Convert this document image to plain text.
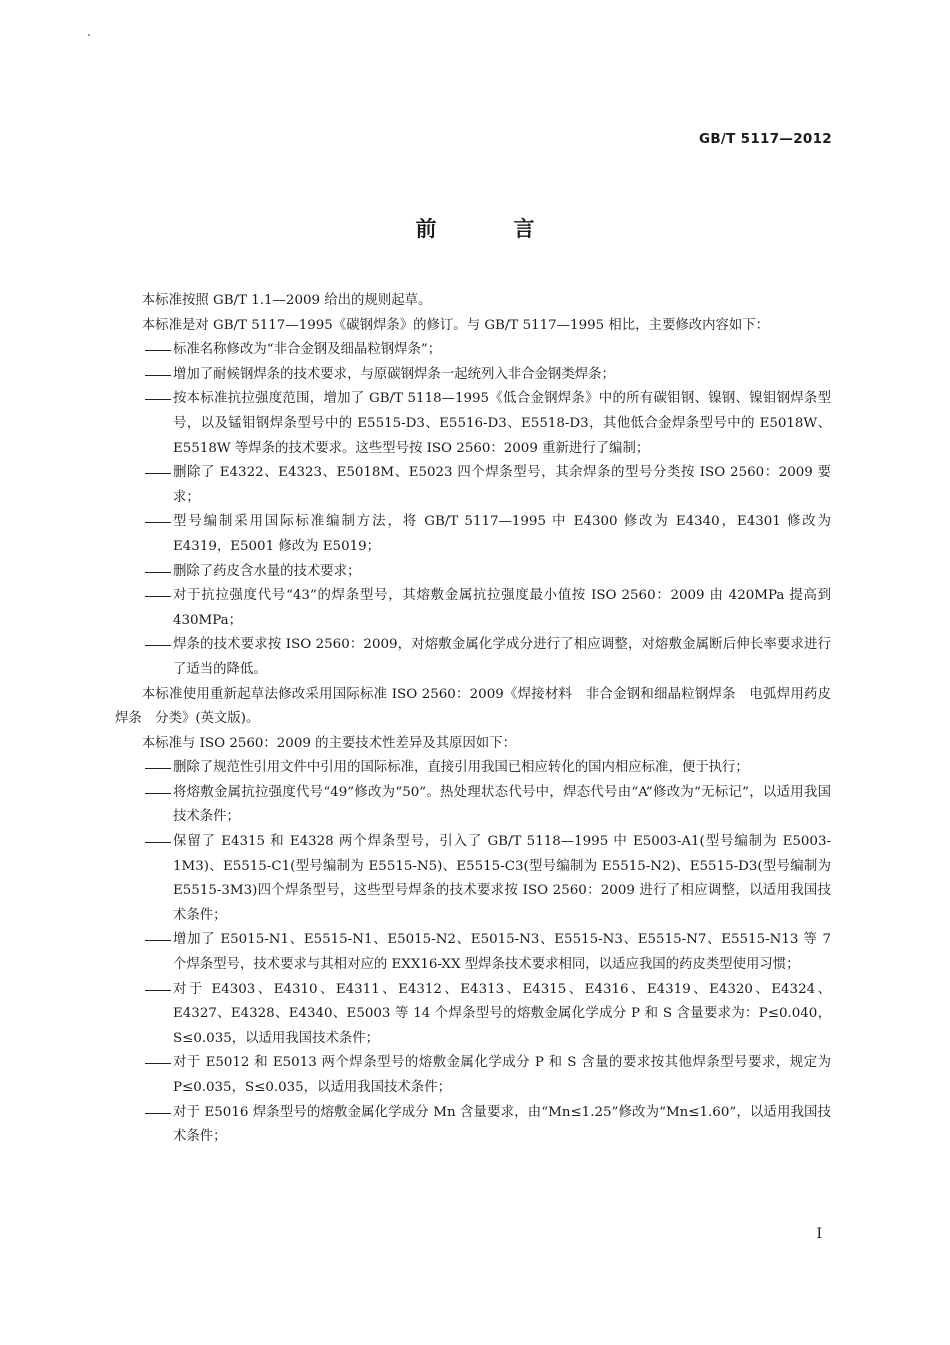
GB/T 5117—2012
前　言
本标准按照 GB/T 1.1—2009 给出的规则起草。
本标准是对 GB/T 5117—1995《碳钢焊条》的修订。与 GB/T 5117—1995 相比，主要修改内容如下：
标准名称修改为“非合金钢及细晶粒钢焊条”；
增加了耐候钢焊条的技术要求，与原碳钢焊条一起统列入非合金钢类焊条；
按本标准抗拉强度范围，增加了 GB/T 5118—1995《低合金钢焊条》中的所有碳钼钢、镍钢、镍钼钢焊条型号，以及锰钼钢焊条型号中的 E5515-D3、E5516-D3、E5518-D3，其他低合金焊条型号中的 E5018W、E5518W 等焊条的技术要求。这些型号按 ISO 2560：2009 重新进行了编制；
删除了 E4322、E4323、E5018M、E5023 四个焊条型号，其余焊条的型号分类按 ISO 2560：2009 要求；
型号编制采用国际标准编制方法，将 GB/T 5117—1995 中 E4300 修改为 E4340，E4301 修改为 E4319，E5001 修改为 E5019；
删除了药皮含水量的技术要求；
对于抗拉强度代号“43”的焊条型号，其熔敷金属抗拉强度最小值按 ISO 2560：2009 由 420MPa 提高到 430MPa；
焊条的技术要求按 ISO 2560：2009，对熔敷金属化学成分进行了相应调整，对熔敷金属断后伸长率要求进行了适当的降低。
本标准使用重新起草法修改采用国际标准 ISO 2560：2009《焊接材料　非合金钢和细晶粒钢焊条　电弧焊用药皮焊条　分类》(英文版)。
本标准与 ISO 2560：2009 的主要技术性差异及其原因如下：
删除了规范性引用文件中引用的国际标准，直接引用我国已相应转化的国内相应标准，便于执行；
将熔敷金属抗拉强度代号“49”修改为“50”。热处理状态代号中，焊态代号由“A”修改为“无标记”，以适用我国技术条件；
保留了 E4315 和 E4328 两个焊条型号，引入了 GB/T 5118—1995 中 E5003-A1(型号编制为 E5003-1M3)、E5515-C1(型号编制为 E5515-N5)、E5515-C3(型号编制为 E5515-N2)、E5515-D3(型号编制为 E5515-3M3)四个焊条型号，这些型号焊条的技术要求按 ISO 2560：2009 进行了相应调整，以适用我国技术条件；
增加了 E5015-N1、E5515-N1、E5015-N2、E5015-N3、E5515-N3、E5515-N7、E5515-N13 等 7 个焊条型号，技术要求与其相对应的 EXX16-XX 型焊条技术要求相同，以适应我国的药皮类型使用习惯；
对于 E4303、E4310、E4311、E4312、E4313、E4315、E4316、E4319、E4320、E4324、E4327、E4328、E4340、E5003 等 14 个焊条型号的熔敷金属化学成分 P 和 S 含量要求为：P≤0.040，S≤0.035，以适用我国技术条件；
对于 E5012 和 E5013 两个焊条型号的熔敷金属化学成分 P 和 S 含量的要求按其他焊条型号要求，规定为 P≤0.035，S≤0.035，以适用我国技术条件；
对于 E5016 焊条型号的熔敷金属化学成分 Mn 含量要求，由“Mn≤1.25”修改为“Mn≤1.60”，以适用我国技术条件；
I
